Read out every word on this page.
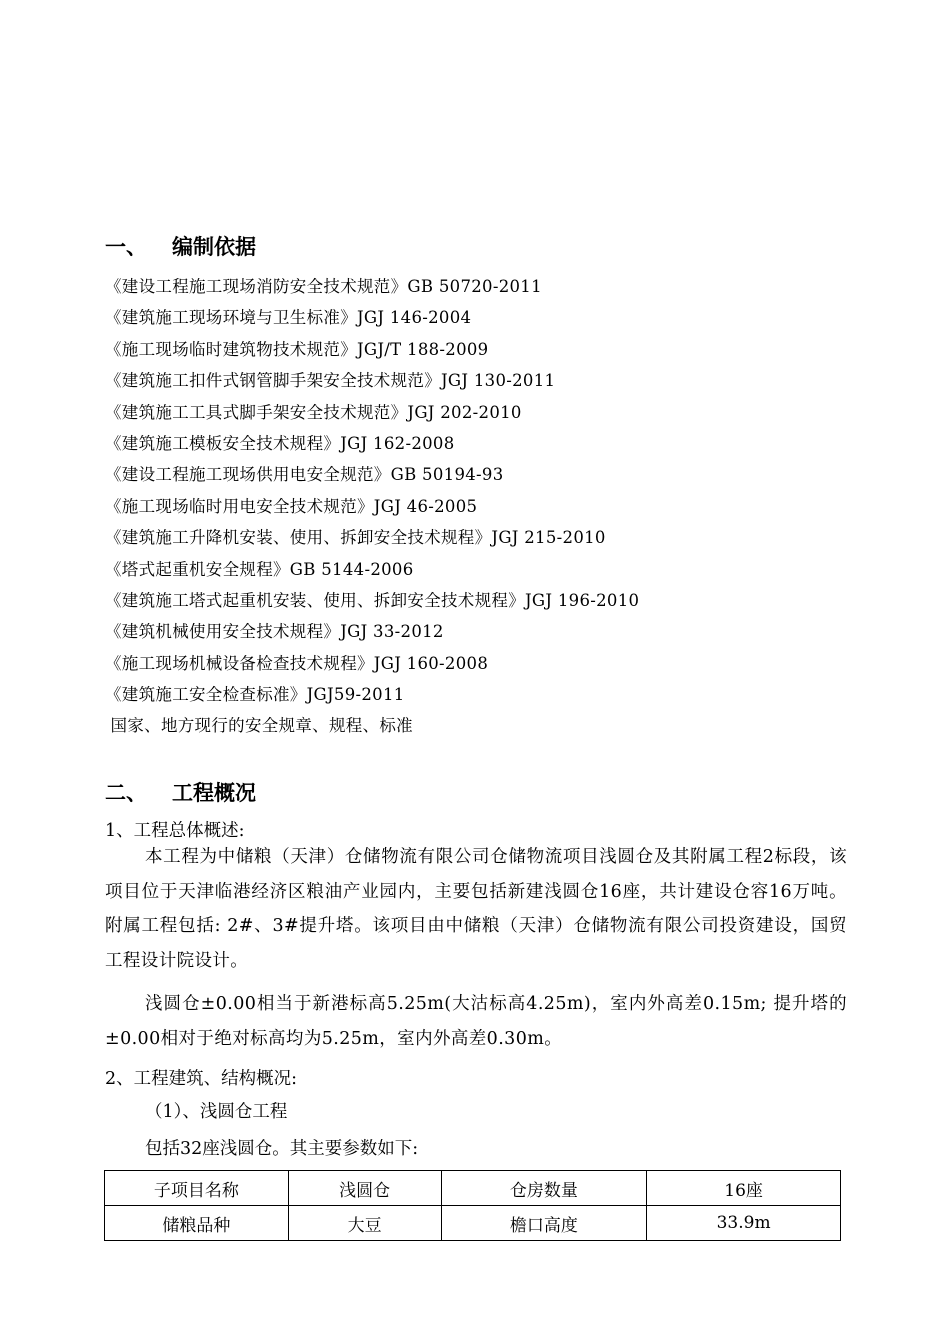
一、 编制依据
《建设工程施工现场消防安全技术规范》GB 50720-2011
《建筑施工现场环境与卫生标准》JGJ 146-2004
《施工现场临时建筑物技术规范》JGJ/T 188-2009
《建筑施工扣件式钢管脚手架安全技术规范》JGJ 130-2011
《建筑施工工具式脚手架安全技术规范》JGJ 202-2010
《建筑施工模板安全技术规程》JGJ 162-2008
《建设工程施工现场供用电安全规范》GB 50194-93
《施工现场临时用电安全技术规范》JGJ 46-2005
《建筑施工升降机安装、使用、拆卸安全技术规程》JGJ 215-2010
《塔式起重机安全规程》GB 5144-2006
《建筑施工塔式起重机安装、使用、拆卸安全技术规程》JGJ 196-2010
《建筑机械使用安全技术规程》JGJ 33-2012
《施工现场机械设备检查技术规程》JGJ 160-2008
《建筑施工安全检查标准》JGJ59-2011
国家、地方现行的安全规章、规程、标准
二、 工程概况
1、工程总体概述:
本工程为中储粮（天津）仓储物流有限公司仓储物流项目浅圆仓及其附属工程2标段，该项目位于天津临港经济区粮油产业园内，主要包括新建浅圆仓16座，共计建设仓容16万吨。附属工程包括: 2#、3#提升塔。该项目由中储粮（天津）仓储物流有限公司投资建设，国贸工程设计院设计。
浅圆仓±0.00相当于新港标高5.25m(大沽标高4.25m)，室内外高差0.15m; 提升塔的±0.00相对于绝对标高均为5.25m，室内外高差0.30m。
2、工程建筑、结构概况:
（1）、浅圆仓工程
包括32座浅圆仓。其主要参数如下:
子项目名称	浅圆仓	仓房数量	16座
储粮品种	大豆	檐口高度	33.9m
